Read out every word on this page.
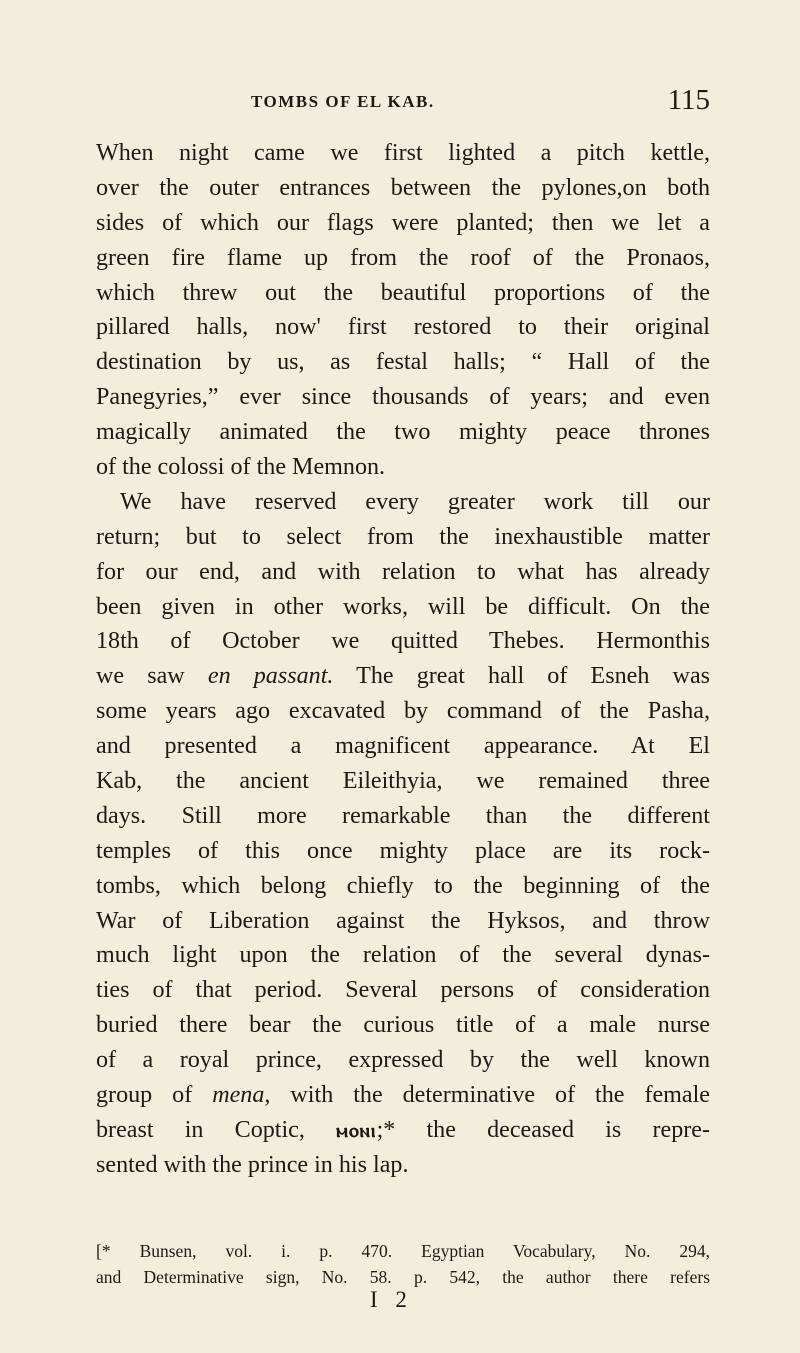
TOMBS OF EL KAB.	115
When night came we first lighted a pitch kettle,
over the outer entrances between the pylones,on both
sides of which our flags were planted; then we let a
green fire flame up from the roof of the Pronaos,
which threw out the beautiful proportions of the
pillared halls, now' first restored to their original
destination by us, as festal halls; “ Hall of the
Panegyries,” ever since thousands of years; and even
magically animated the two mighty peace thrones
of the colossi of the Memnon.
We have reserved every greater work till our
return; but to select from the inexhaustible matter
for our end, and with relation to what has already
been given in other works, will be difficult. On the
18th of October we quitted Thebes. Hermonthis
we saw en passant. The great hall of Esneh was
some years ago excavated by command of the Pasha,
and presented a magnificent appearance. At El
Kab, the ancient Eileithyia, we remained three
days. Still more remarkable than the different
temples of this once mighty place are its rock-
tombs, which belong chiefly to the beginning of the
War of Liberation against the Hyksos, and throw
much light upon the relation of the several dynas-
ties of that period. Several persons of consideration
buried there bear the curious title of a male nurse
of a royal prince, expressed by the well known
group of mena, with the determinative of the female
breast in Coptic, ⲙⲟⲛⲓ;* the deceased is repre-
sented with the prince in his lap.
[* Bunsen, vol. i. p. 470. Egyptian Vocabulary, No. 294,
and Determinative sign, No. 58. p. 542, the author there refers
I 2
